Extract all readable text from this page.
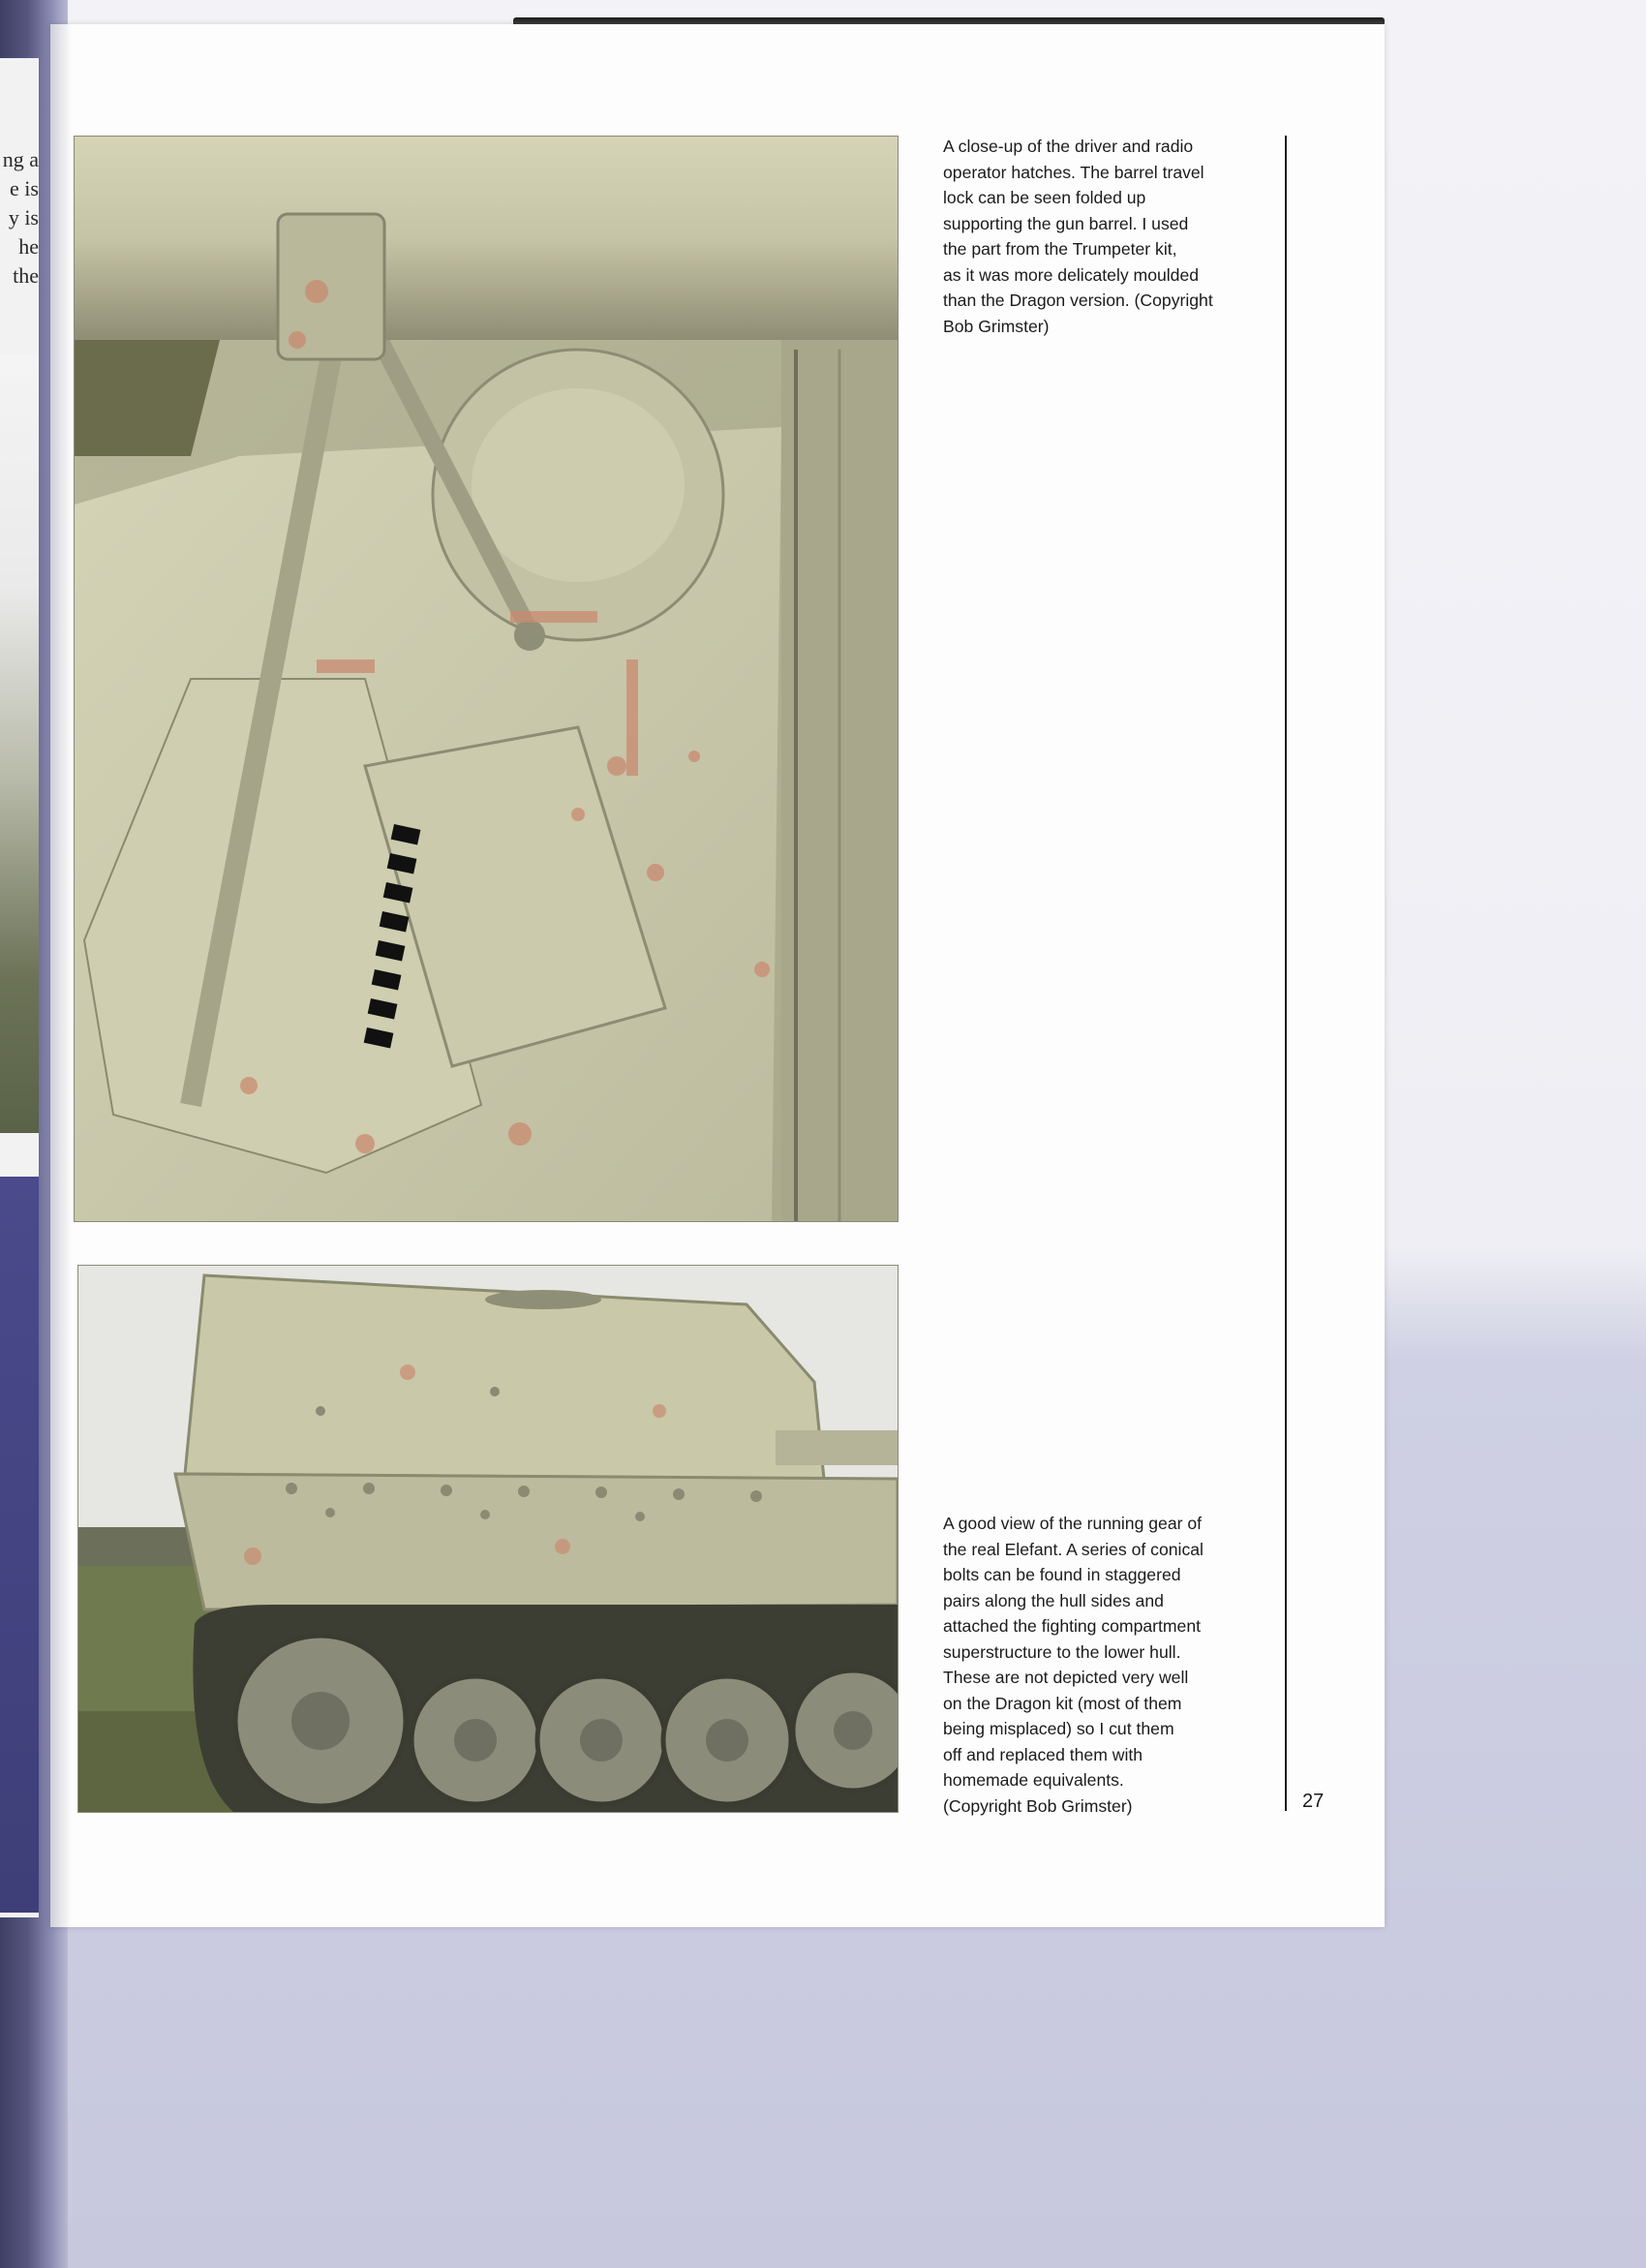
ng a
e is
y is
he
the
A close-up of the driver and radio
operator hatches. The barrel travel
lock can be seen folded up
supporting the gun barrel. I used
the part from the Trumpeter kit,
as it was more delicately moulded
than the Dragon version. (Copyright
Bob Grimster)
A good view of the running gear of
the real Elefant. A series of conical
bolts can be found in staggered
pairs along the hull sides and
attached the fighting compartment
superstructure to the lower hull.
These are not depicted very well
on the Dragon kit (most of them
being misplaced) so I cut them
off and replaced them with
homemade equivalents.
(Copyright Bob Grimster)	27
